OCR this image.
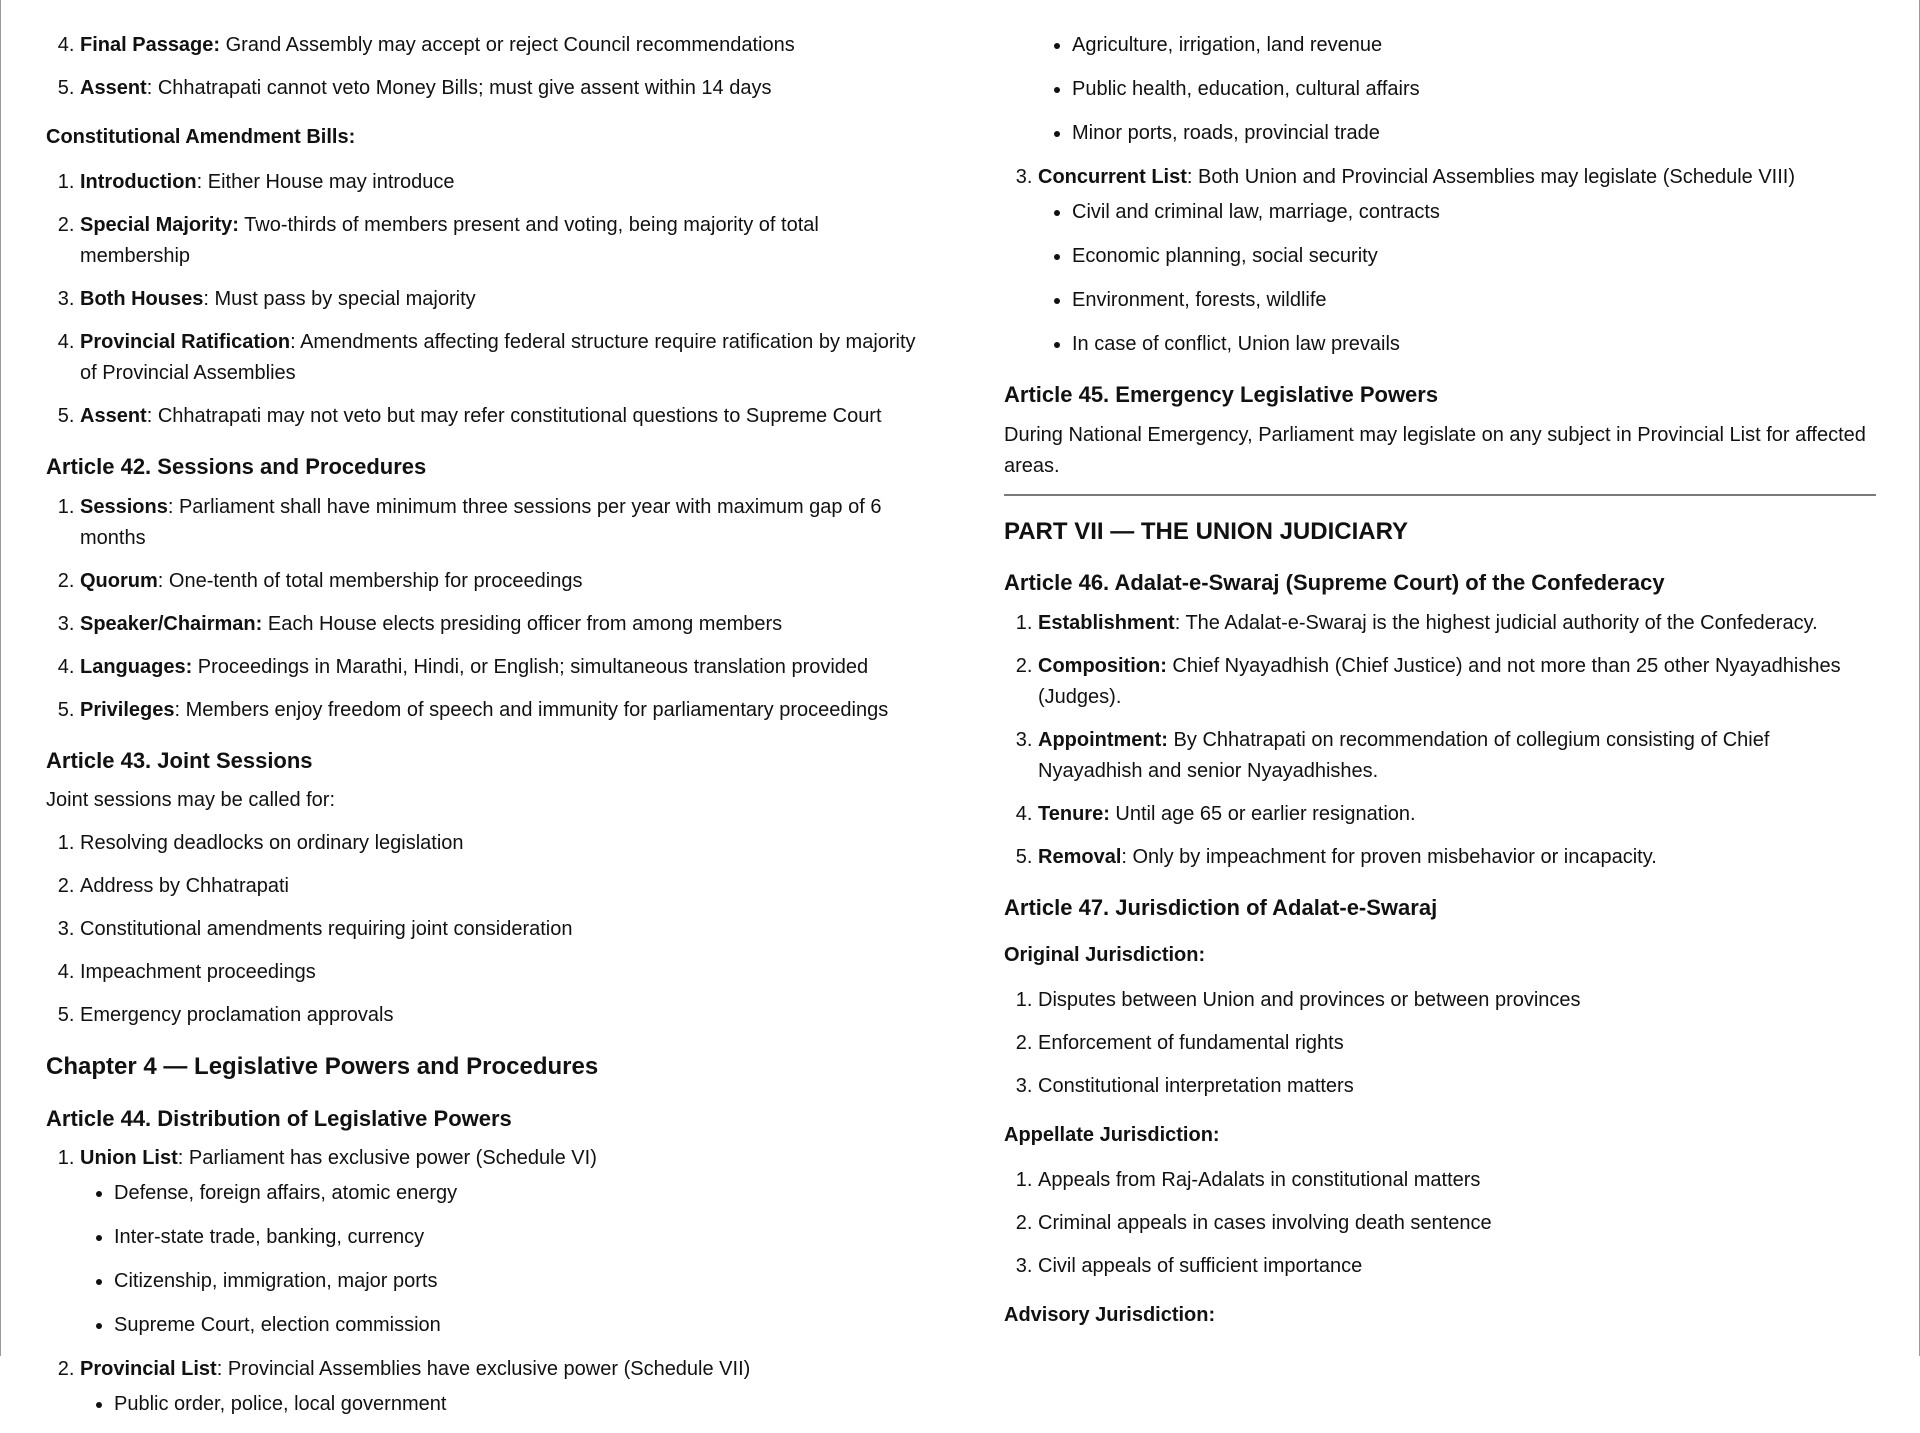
4. Final Passage: Grand Assembly may accept or reject Council recommendations
5. Assent: Chhatrapati cannot veto Money Bills; must give assent within 14 days
Constitutional Amendment Bills:
1. Introduction: Either House may introduce
2. Special Majority: Two-thirds of members present and voting, being majority of total membership
3. Both Houses: Must pass by special majority
4. Provincial Ratification: Amendments affecting federal structure require ratification by majority of Provincial Assemblies
5. Assent: Chhatrapati may not veto but may refer constitutional questions to Supreme Court
Article 42. Sessions and Procedures
1. Sessions: Parliament shall have minimum three sessions per year with maximum gap of 6 months
2. Quorum: One-tenth of total membership for proceedings
3. Speaker/Chairman: Each House elects presiding officer from among members
4. Languages: Proceedings in Marathi, Hindi, or English; simultaneous translation provided
5. Privileges: Members enjoy freedom of speech and immunity for parliamentary proceedings
Article 43. Joint Sessions

Joint sessions may be called for:

1. Resolving deadlocks on ordinary legislation
2. Address by Chhatrapati
3. Constitutional amendments requiring joint consideration
4. Impeachment proceedings
5. Emergency proclamation approvals
Chapter 4 — Legislative Powers and Procedures
Article 44. Distribution of Legislative Powers
1. Union List: Parliament has exclusive power (Schedule VI)
• Defense, foreign affairs, atomic energy
• Inter-state trade, banking, currency
• Citizenship, immigration, major ports
• Supreme Court, election commission
2. Provincial List: Provincial Assemblies have exclusive power (Schedule VII)
• Public order, police, local government
• Agriculture, irrigation, land revenue
• Public health, education, cultural affairs
• Minor ports, roads, provincial trade
3. Concurrent List: Both Union and Provincial Assemblies may legislate (Schedule VIII)
• Civil and criminal law, marriage, contracts
• Economic planning, social security
• Environment, forests, wildlife
• In case of conflict, Union law prevails
Article 45. Emergency Legislative Powers

During National Emergency, Parliament may legislate on any subject in Provincial List for affected areas.

PART VII — THE UNION JUDICIARY
Article 46. Adalat-e-Swaraj (Supreme Court) of the Confederacy
1. Establishment: The Adalat-e-Swaraj is the highest judicial authority of the Confederacy.
2. Composition: Chief Nyayadhish (Chief Justice) and not more than 25 other Nyayadhishes (Judges).
3. Appointment: By Chhatrapati on recommendation of collegium consisting of Chief Nyayadhish and senior Nyayadhishes.
4. Tenure: Until age 65 or earlier resignation.
5. Removal: Only by impeachment for proven misbehavior or incapacity.
Article 47. Jurisdiction of Adalat-e-Swaraj
Original Jurisdiction:
1. Disputes between Union and provinces or between provinces
2. Enforcement of fundamental rights
3. Constitutional interpretation matters
Appellate Jurisdiction:
1. Appeals from Raj-Adalats in constitutional matters
2. Criminal appeals in cases involving death sentence
3. Civil appeals of sufficient importance
Advisory Jurisdiction:
